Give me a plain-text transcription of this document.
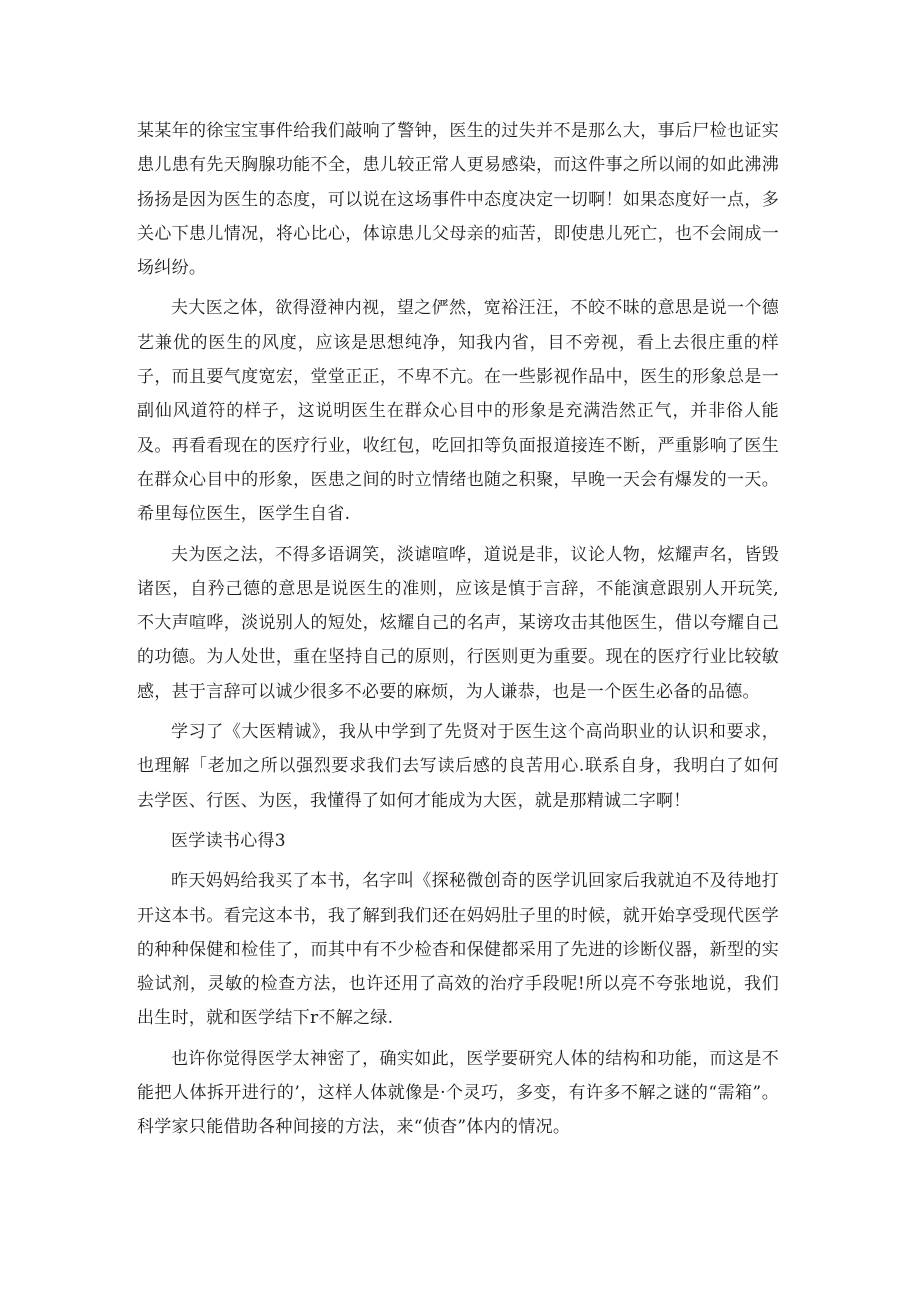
某某年的徐宝宝事件给我们敲响了警钟，医生的过失并不是那么大，事后尸检也证实患儿患有先天胸腺功能不全，患儿较正常人更易感染，而这件事之所以闹的如此沸沸扬扬是因为医生的态度，可以说在这场事件中态度决定一切啊！如果态度好一点，多关心下患儿情况，将心比心，体谅患儿父母亲的疝苦，即使患儿死亡，也不会闹成一场纠纷。

夫大医之体，欲得澄神内视，望之俨然，宽裕汪汪，不皎不昧的意思是说一个德艺兼优的医生的风度，应该是思想纯净，知我内省，目不旁视，看上去很庄重的样子，而且要气度宽宏，堂堂正正，不卑不亢。在一些影视作品中，医生的形象总是一副仙风道符的样子，这说明医生在群众心目中的形象是充满浩然正气，并非俗人能及。再看看现在的医疗行业，收红包，吃回扣等负面报道接连不断，严重影响了医生在群众心目中的形象，医患之间的时立情绪也随之积聚，早晚一天会有爆发的一天。希里每位医生，医学生自省.

夫为医之法，不得多语调笑，淡谑喧哗，道说是非，议论人物，炫耀声名，皆毁诸医，自矜己德的意思是说医生的准则，应该是慎于言辞，不能演意跟别人开玩笑,不大声喧哗，淡说别人的短处，炫耀自己的名声，某谤攻击其他医生，借以夸耀自己的功德。为人处世，重在坚持自己的原则，行医则更为重要。现在的医疗行业比较敏感，甚于言辞可以诚少很多不必要的麻烦，为人谦恭，也是一个医生必备的品德。

学习了《大医精诚》，我从中学到了先贤对于医生这个高尚职业的认识和要求，也理解「老加之所以强烈要求我们去写读后感的良苦用心.联系自身，我明白了如何去学医、行医、为医，我懂得了如何才能成为大医，就是那精诚二字啊！

医学读书心得3

昨天妈妈给我买了本书，名字叫《探秘微创奇的医学讥回家后我就迫不及待地打开这本书。看完这本书，我了解到我们还在妈妈肚子里的时候，就开始享受现代医学的种种保健和检佳了，而其中有不少检杳和保健都采用了先进的诊断仪器，新型的实验试剂，灵敏的检查方法，也许还用了高效的治疗手段呢!所以亮不夸张地说，我们出生时，就和医学结下r不解之绿.

也许你觉得医学太神密了，确实如此，医学要研究人体的结构和功能，而这是不能把人体拆开进行的’，这样人体就像是·个灵巧，多变，有许多不解之谜的“需箱”。科学家只能借助各种间接的方法，来“侦杳”体内的情况。
